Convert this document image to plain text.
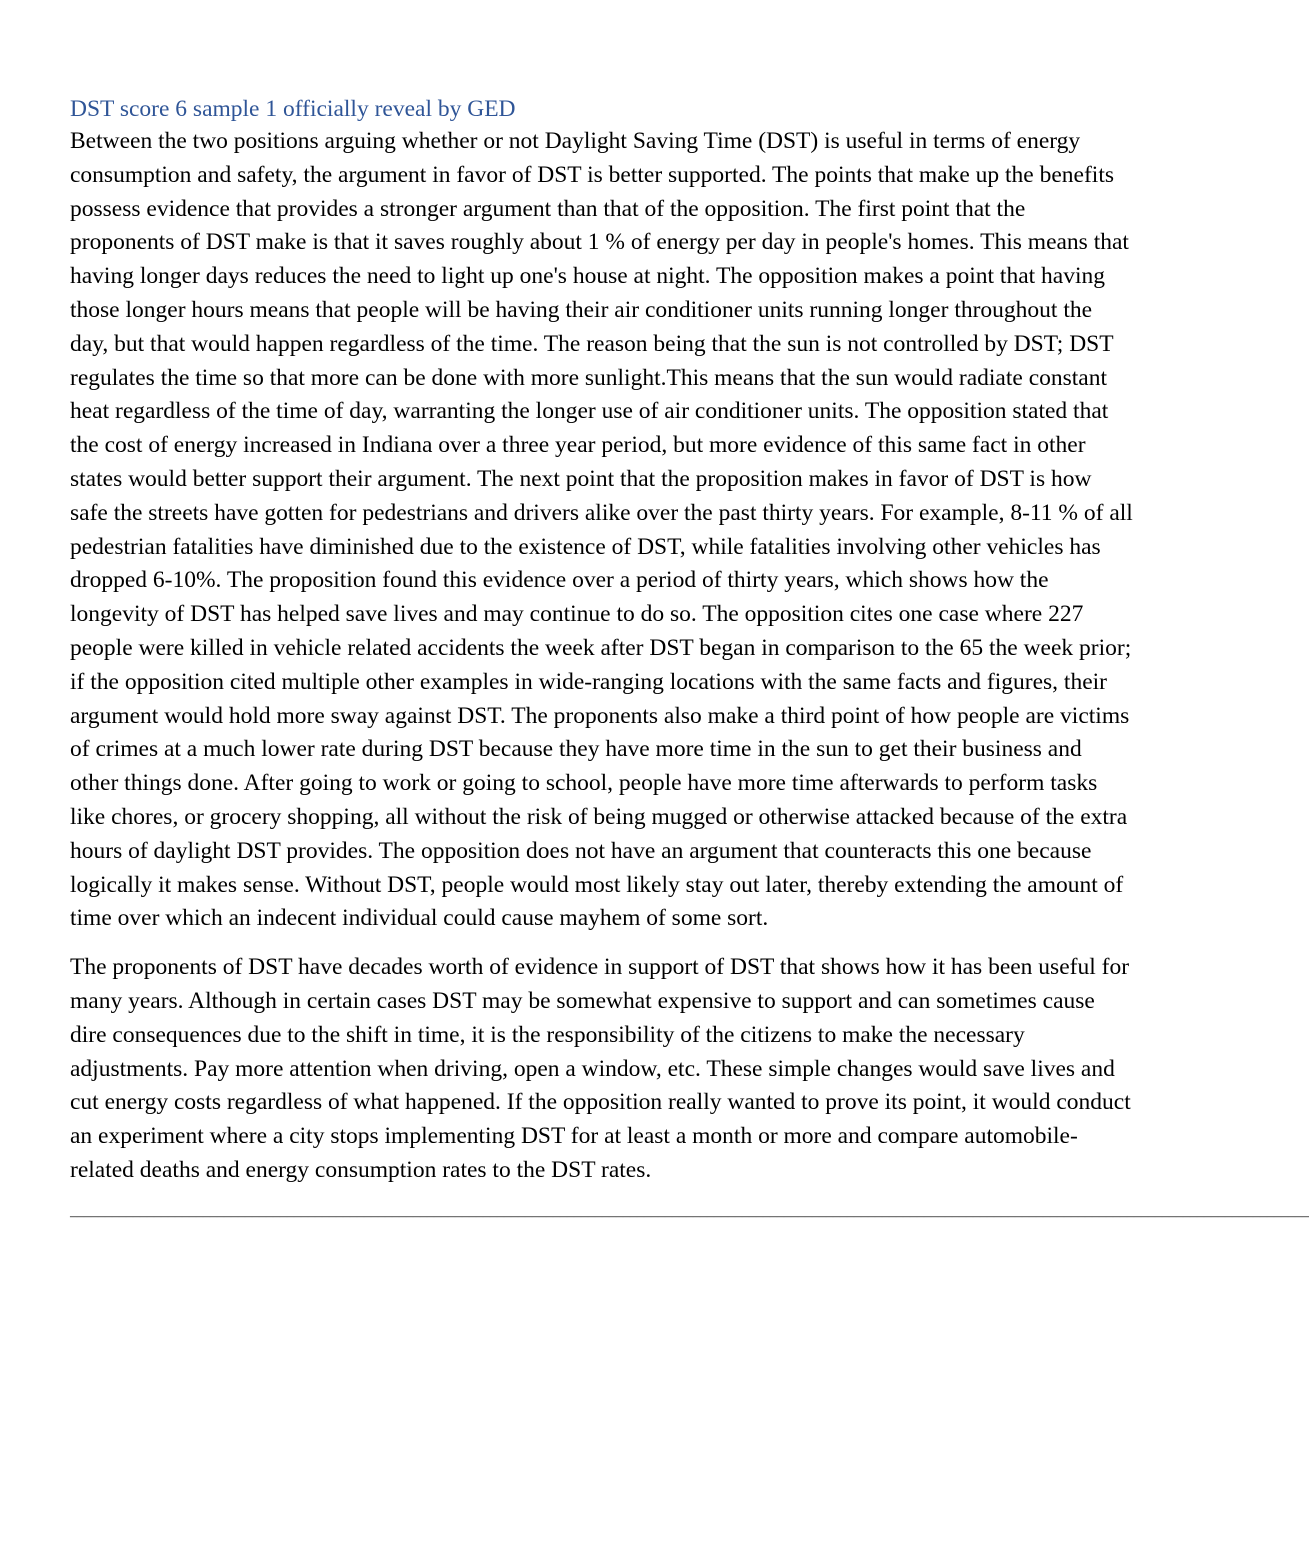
DST score 6 sample 1 officially reveal by GED

Between the two positions arguing whether or not Daylight Saving Time (DST) is useful in terms of energy consumption and safety, the argument in favor of DST is better supported. The points that make up the benefits possess evidence that provides a stronger argument than that of the opposition. The first point that the proponents of DST make is that it saves roughly about 1 % of energy per day in people's homes. This means that having longer days reduces the need to light up one's house at night. The opposition makes a point that having those longer hours means that people will be having their air conditioner units running longer throughout the day, but that would happen regardless of the time. The reason being that the sun is not controlled by DST; DST regulates the time so that more can be done with more sunlight.This means that the sun would radiate constant heat regardless of the time of day, warranting the longer use of air conditioner units. The opposition stated that the cost of energy increased in Indiana over a three year period, but more evidence of this same fact in other states would better support their argument. The next point that the proposition makes in favor of DST is how safe the streets have gotten for pedestrians and drivers alike over the past thirty years. For example, 8-11 % of all pedestrian fatalities have diminished due to the existence of DST, while fatalities involving other vehicles has dropped 6-10%. The proposition found this evidence over a period of thirty years, which shows how the longevity of DST has helped save lives and may continue to do so. The opposition cites one case where 227 people were killed in vehicle related accidents the week after DST began in comparison to the 65 the week prior; if the opposition cited multiple other examples in wide-ranging locations with the same facts and figures, their argument would hold more sway against DST. The proponents also make a third point of how people are victims of crimes at a much lower rate during DST because they have more time in the sun to get their business and other things done. After going to work or going to school, people have more time afterwards to perform tasks like chores, or grocery shopping, all without the risk of being mugged or otherwise attacked because of the extra hours of daylight DST provides. The opposition does not have an argument that counteracts this one because logically it makes sense. Without DST, people would most likely stay out later, thereby extending the amount of time over which an indecent individual could cause mayhem of some sort.

The proponents of DST have decades worth of evidence in support of DST that shows how it has been useful for many years. Although in certain cases DST may be somewhat expensive to support and can sometimes cause dire consequences due to the shift in time, it is the responsibility of the citizens to make the necessary adjustments. Pay more attention when driving, open a window, etc. These simple changes would save lives and cut energy costs regardless of what happened. If the opposition really wanted to prove its point, it would conduct an experiment where a city stops implementing DST for at least a month or more and compare automobile-related deaths and energy consumption rates to the DST rates.

–––––––––––––––––––––––––––––––––––––––––––––––––––––––––––––––––––––––––––––––––––––––––––––––––––––––––––––––––––––––––––––––––––––––––––––––––––––––––––––––––––––––––––––––––
